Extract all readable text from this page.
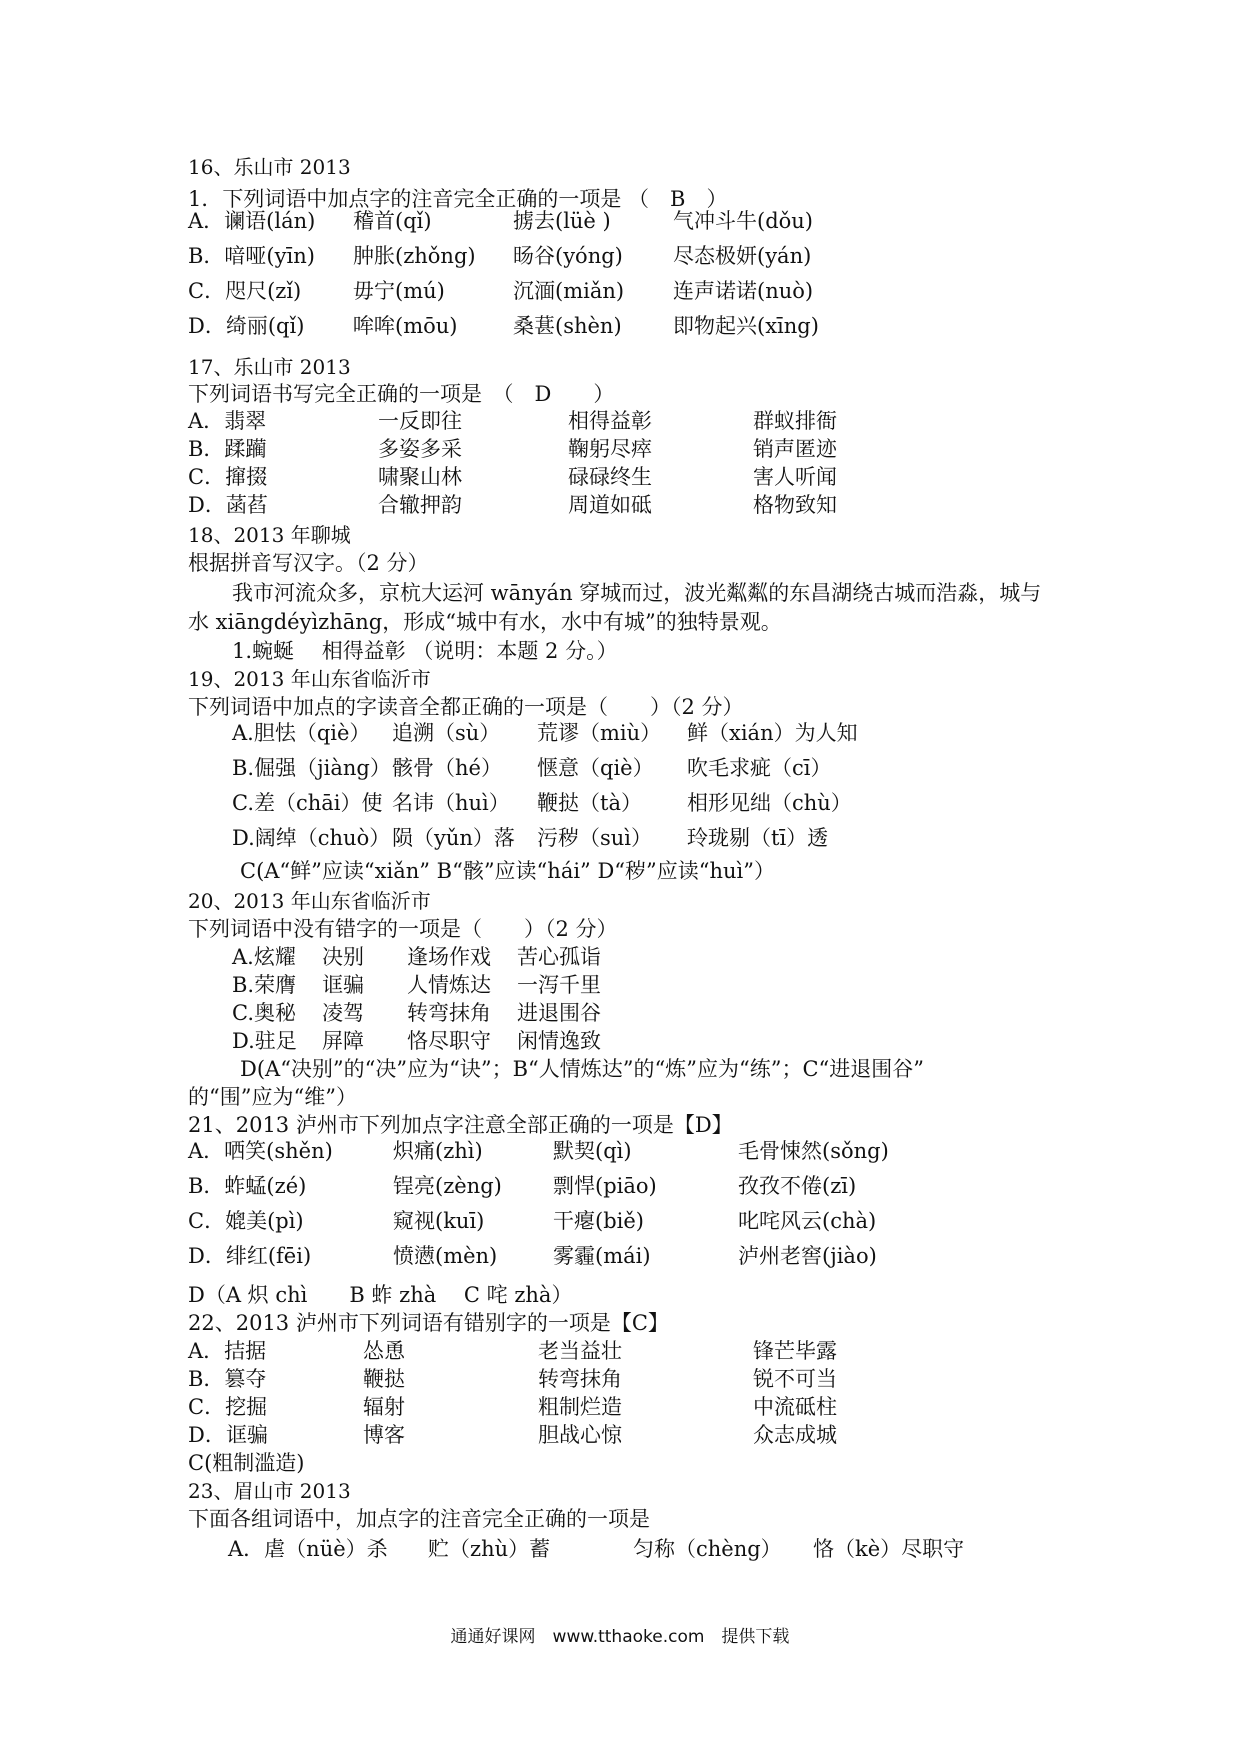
16、乐山市 2013
1．下列词语中加点字的注音完全正确的一项是 （　B　）
A．谰语(lán) 稽首(qǐ)	掳去(lüè )	气冲斗牛(dǒu)
B．喑哑(yīn) 肿胀(zhǒng) 旸谷(yóng) 尽态极妍(yán)
C．咫尺(zǐ) 毋宁(mú)	沉湎(miǎn) 连声诺诺(nuò)
D．绮丽(qǐ) 哞哞(mōu)	桑葚(shèn) 即物起兴(xīng)
17、乐山市 2013
下列词语书写完全正确的一项是　（　D　　）
A．翡翠	一反即往	相得益彰	群蚁排衙
B．蹂躏	多姿多采	鞠躬尽瘁	销声匿迹
C．撺掇	啸聚山林	碌碌终生	害人听闻
D．菡萏	合辙押韵	周道如砥	格物致知
18、2013 年聊城
根据拼音写汉字。（2 分）
我市河流众多，京杭大运河 wānyán 穿城而过，波光粼粼的东昌湖绕古城而浩淼，城与
水 xiāngdéyìzhāng，形成“城中有水，水中有城”的独特景观。
1.蜿蜒　 相得益彰 （说明：本题 2 分。）
19、2013 年山东省临沂市
下列词语中加点的字读音全都正确的一项是（　　）（2 分）
A.胆怯（qiè） 追溯（sù） 荒谬（miù） 鲜（xián）为人知
B.倔强（jiàng） 骸骨（hé） 惬意（qiè） 吹毛求疵（cī）
C.差（chāi）使 名讳（huì） 鞭挞（tà） 相形见绌（chù）
D.阔绰（chuò） 陨（yǔn）落 污秽（suì） 玲珑剔（tī）透
C(A“鲜”应读“xiǎn” B“骸”应读“hái” D“秽”应读“huì”）
20、2013 年山东省临沂市
下列词语中没有错字的一项是（　　）（2 分）
A.炫耀 决别 逢场作戏 苦心孤诣
B.荣膺 诓骗 人情炼达 一泻千里
C.奥秘 凌驾 转弯抹角 进退围谷
D.驻足 屏障 恪尽职守 闲情逸致
D(A“决别”的“决”应为“诀”；B“人情炼达”的“炼”应为“练”；C“进退围谷”
的“围”应为“维”）
21、2013 泸州市下列加点字注意全部正确的一项是【D】
A．哂笑(shěn)	炽痛(zhì)	默契(qì)	毛骨悚然(sǒng)
B．蚱蜢(zé)	锃亮(zèng) 剽悍(piāo)	孜孜不倦(zī)
C．媲美(pì)	窥视(kuī)	干瘪(biě)	叱咤风云(chà)
D．绯红(fēi)	愤懑(mèn)	雾霾(mái)	泸州老窖(jiào)
D（A 炽 chì　　B 蚱 zhà　 C 咤 zhà）
22、2013 泸州市下列词语有错别字的一项是【C】
A．拮据	怂恿	老当益壮	锋芒毕露
B．篡夺	鞭挞	转弯抹角	锐不可当
C．挖掘	辐射	粗制烂造	中流砥柱
D．诓骗	博客	胆战心惊	众志成城
C(粗制滥造)
23、眉山市 2013
下面各组词语中，加点字的注音完全正确的一项是
A．虐（nüè）杀 贮（zhù）蓄	匀称（chèng） 恪（kè）尽职守
通通好课网　www.tthaoke.com　提供下载
